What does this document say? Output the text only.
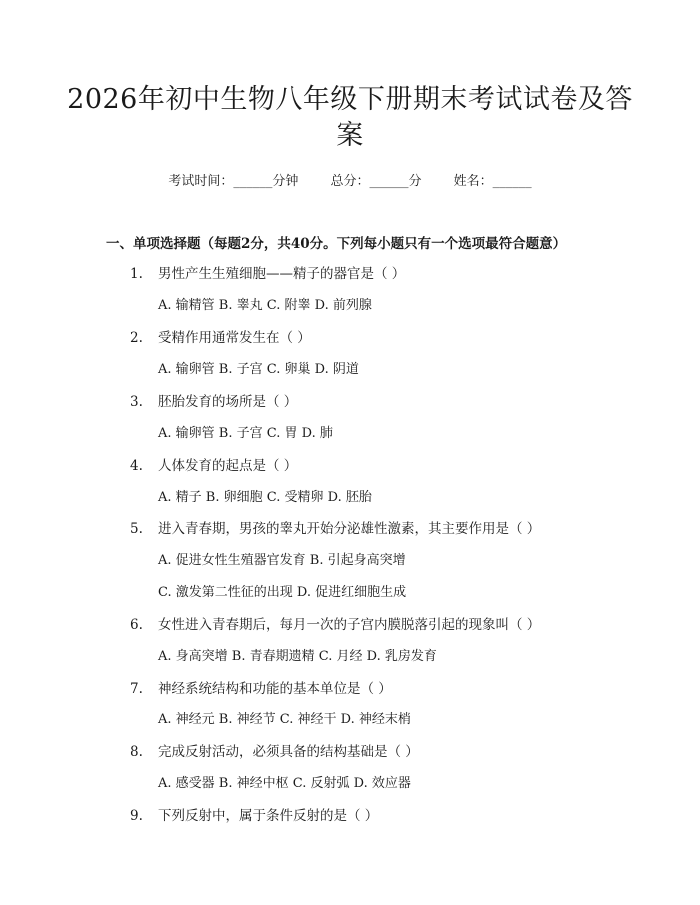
2026年初中生物八年级下册期末考试试卷及答案
考试时间：______分钟 总分：______分 姓名：______
一、单项选择题（每题2分，共40分。下列每小题只有一个选项最符合题意）
1. 男性产生生殖细胞——精子的器官是（ ）
A. 输精管 B. 睾丸 C. 附睾 D. 前列腺
2. 受精作用通常发生在（ ）
A. 输卵管 B. 子宫 C. 卵巢 D. 阴道
3. 胚胎发育的场所是（ ）
A. 输卵管 B. 子宫 C. 胃 D. 肺
4. 人体发育的起点是（ ）
A. 精子 B. 卵细胞 C. 受精卵 D. 胚胎
5. 进入青春期，男孩的睾丸开始分泌雄性激素，其主要作用是（ ）
A. 促进女性生殖器官发育 B. 引起身高突增
C. 激发第二性征的出现 D. 促进红细胞生成
6. 女性进入青春期后，每月一次的子宫内膜脱落引起的现象叫（ ）
A. 身高突增 B. 青春期遗精 C. 月经 D. 乳房发育
7. 神经系统结构和功能的基本单位是（ ）
A. 神经元 B. 神经节 C. 神经干 D. 神经末梢
8. 完成反射活动，必须具备的结构基础是（ ）
A. 感受器 B. 神经中枢 C. 反射弧 D. 效应器
9. 下列反射中，属于条件反射的是（ ）
